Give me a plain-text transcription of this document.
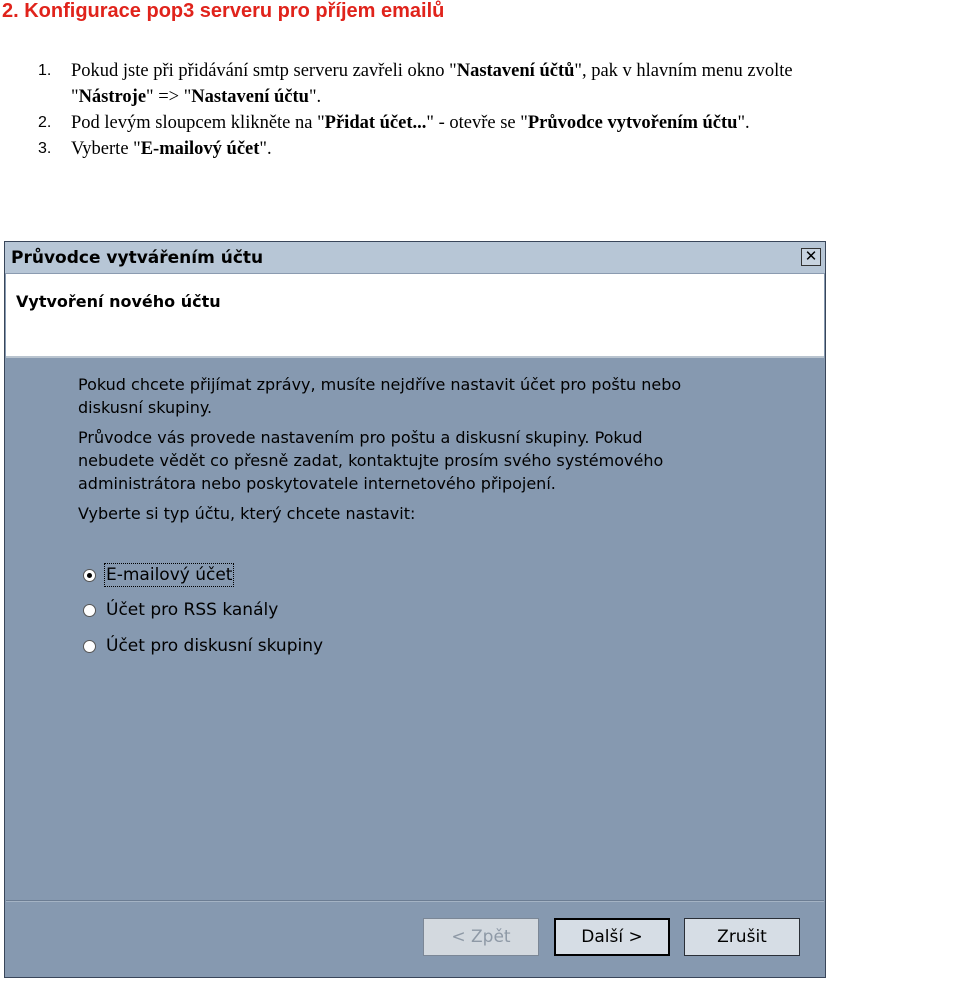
2. Konfigurace pop3 serveru pro příjem emailů
1. Pokud jste při přidávání smtp serveru zavřeli okno "Nastavení účtů", pak v hlavním menu zvolte
"Nástroje" => "Nastavení účtu".
2. Pod levým sloupcem klikněte na "Přidat účet..." - otevře se "Průvodce vytvořením účtu".
3. Vyberte "E-mailový účet".
Průvodce vytvářením účtu	✕
Vytvoření nového účtu
Pokud chcete přijímat zprávy, musíte nejdříve nastavit účet pro poštu nebo diskusní skupiny.
Průvodce vás provede nastavením pro poštu a diskusní skupiny. Pokud nebudete vědět co přesně zadat, kontaktujte prosím svého systémového administrátora nebo poskytovatele internetového připojení.
Vyberte si typ účtu, který chcete nastavit:
E-mailový účet
Účet pro RSS kanály
Účet pro diskusní skupiny
< Zpět	Další >	Zrušit
